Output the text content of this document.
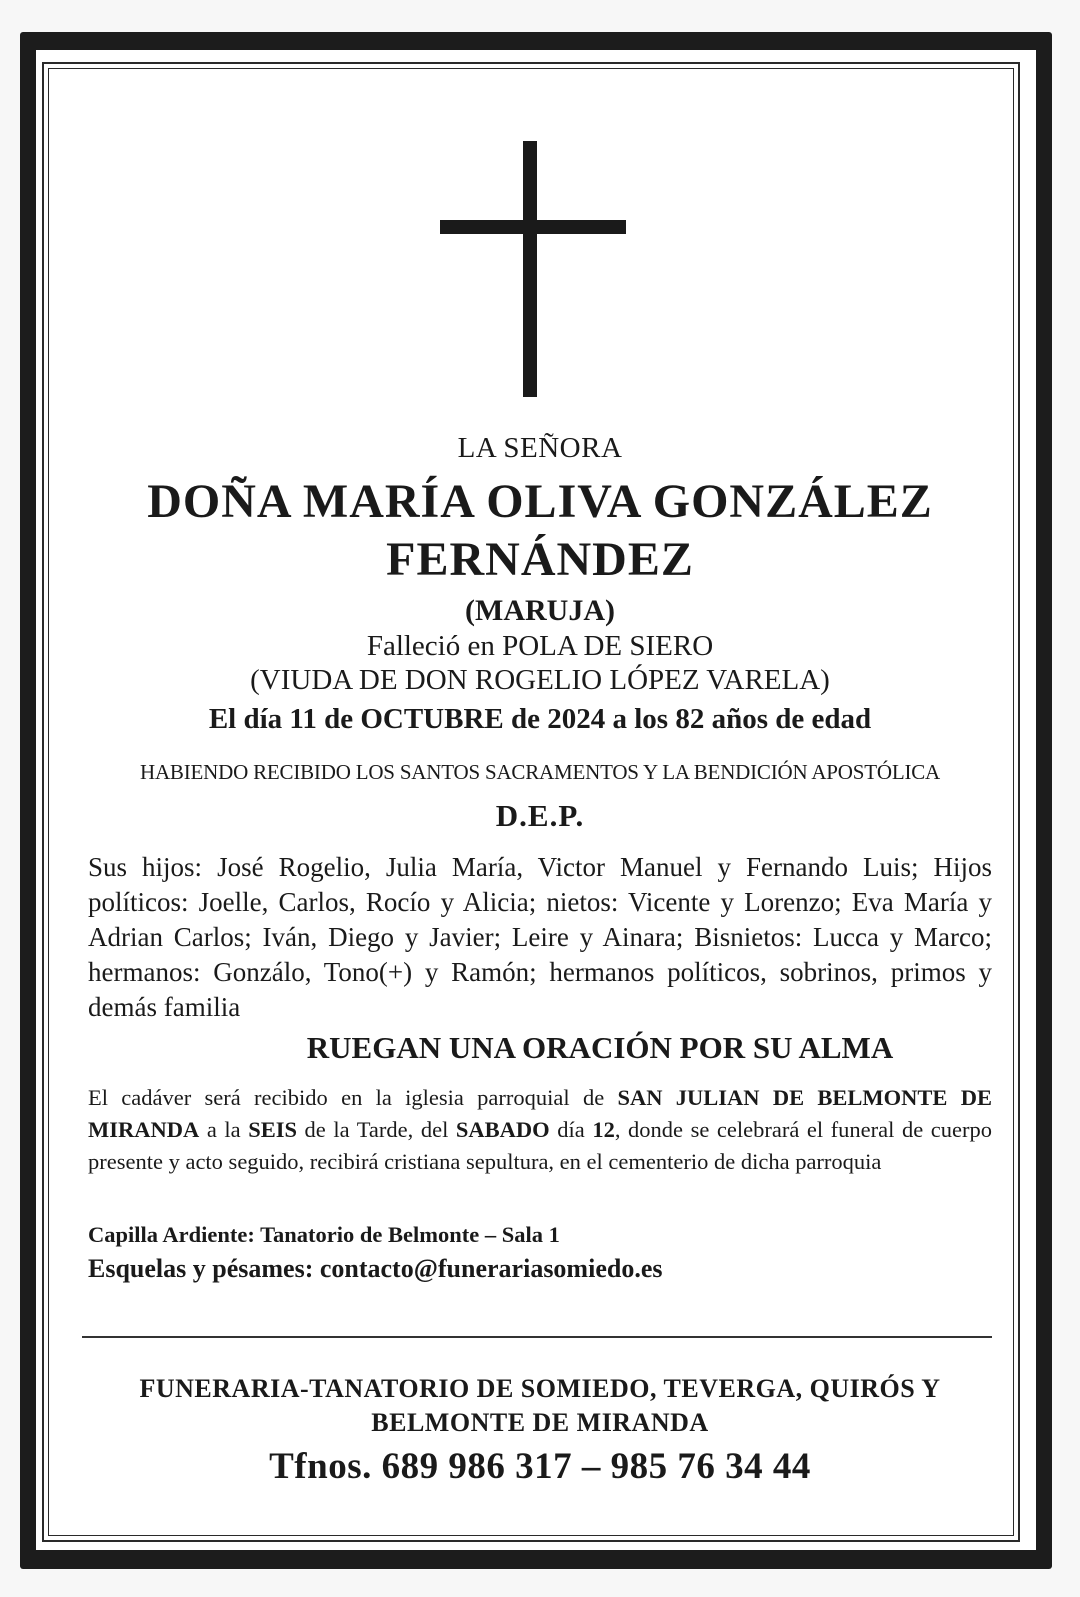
LA SEÑORA

DOÑA MARÍA OLIVA GONZÁLEZ

FERNÁNDEZ

(MARUJA)

Falleció en POLA DE SIERO

(VIUDA DE DON ROGELIO LÓPEZ VARELA)

El día 11 de OCTUBRE de 2024 a los 82 años de edad

HABIENDO RECIBIDO LOS SANTOS SACRAMENTOS Y LA BENDICIÓN APOSTÓLICA

D.E.P.

Sus hijos: José Rogelio, Julia María, Victor Manuel y Fernando Luis; Hijos políticos: Joelle, Carlos, Rocío y Alicia; nietos: Vicente y Lorenzo; Eva María y Adrian Carlos; Iván, Diego y Javier; Leire y Ainara; Bisnietos: Lucca y Marco; hermanos: Gonzálo, Tono(+) y Ramón; hermanos políticos, sobrinos, primos y demás familia

RUEGAN UNA ORACIÓN POR SU ALMA

El cadáver será recibido en la iglesia parroquial de SAN JULIAN DE BELMONTE DE MIRANDA a la SEIS de la Tarde, del SABADO día 12, donde se celebrará el funeral de cuerpo presente y acto seguido, recibirá cristiana sepultura, en el cementerio de dicha parroquia

Capilla Ardiente: Tanatorio de Belmonte – Sala 1

Esquelas y pésames: contacto@funerariasomiedo.es

FUNERARIA-TANATORIO DE SOMIEDO, TEVERGA, QUIRÓS Y

BELMONTE DE MIRANDA

Tfnos. 689 986 317 – 985 76 34 44
